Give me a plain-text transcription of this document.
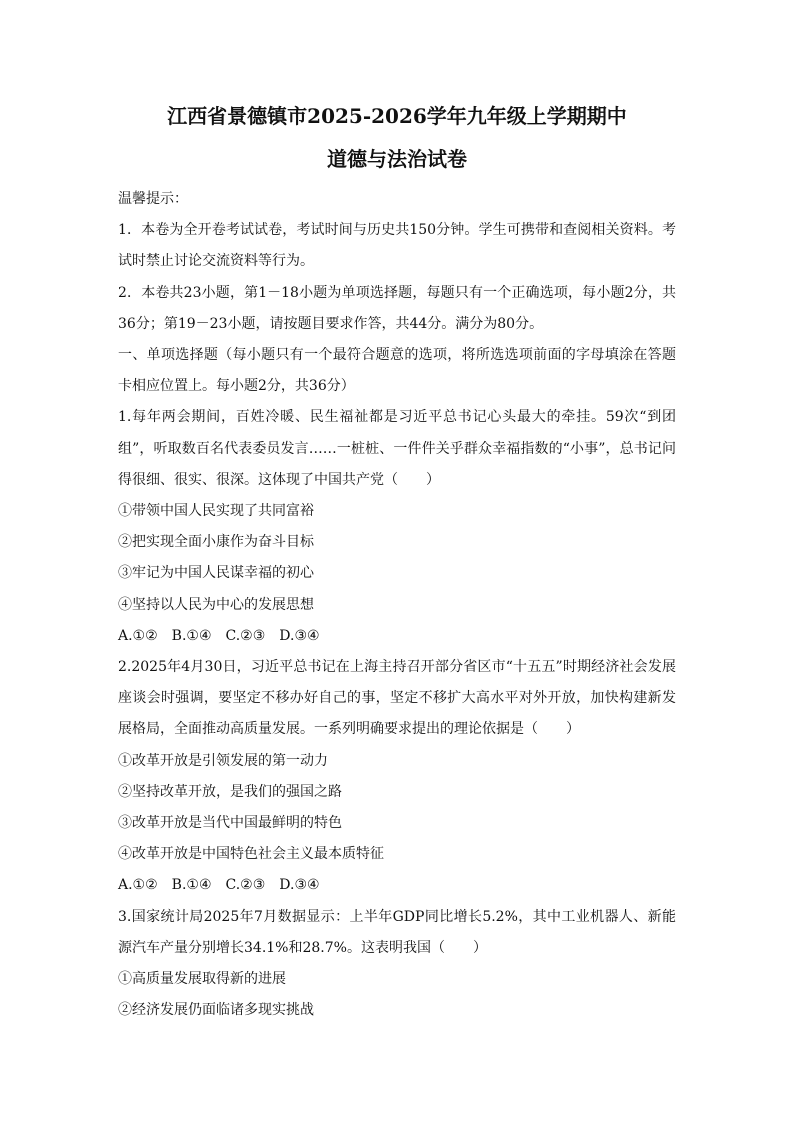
江西省景德镇市2025-2026学年九年级上学期期中
道德与法治试卷

温馨提示：

1．本卷为全开卷考试试卷，考试时间与历史共150分钟。学生可携带和查阅相关资料。考试时禁止讨论交流资料等行为。

2．本卷共23小题，第1－18小题为单项选择题，每题只有一个正确选项，每小题2分，共36分；第19－23小题，请按题目要求作答，共44分。满分为80分。

一、单项选择题（每小题只有一个最符合题意的选项，将所选选项前面的字母填涂在答题卡相应位置上。每小题2分，共36分）

1.每年两会期间，百姓冷暖、民生福祉都是习近平总书记心头最大的牵挂。59次“到团组”，听取数百名代表委员发言……一桩桩、一件件关乎群众幸福指数的“小事”，总书记问得很细、很实、很深。这体现了中国共产党（　　）

①带领中国人民实现了共同富裕

②把实现全面小康作为奋斗目标

③牢记为中国人民谋幸福的初心

④坚持以人民为中心的发展思想

A.①②　B.①④　C.②③　D.③④

2.2025年4月30日，习近平总书记在上海主持召开部分省区市“十五五”时期经济社会发展座谈会时强调，要坚定不移办好自己的事，坚定不移扩大高水平对外开放，加快构建新发展格局，全面推动高质量发展。一系列明确要求提出的理论依据是（　　）

①改革开放是引领发展的第一动力

②坚持改革开放，是我们的强国之路

③改革开放是当代中国最鲜明的特色

④改革开放是中国特色社会主义最本质特征

A.①②　B.①④　C.②③　D.③④

3.国家统计局2025年7月数据显示：上半年GDP同比增长5.2%，其中工业机器人、新能源汽车产量分别增长34.1%和28.7%。这表明我国（　　）

①高质量发展取得新的进展

②经济发展仍面临诸多现实挑战
